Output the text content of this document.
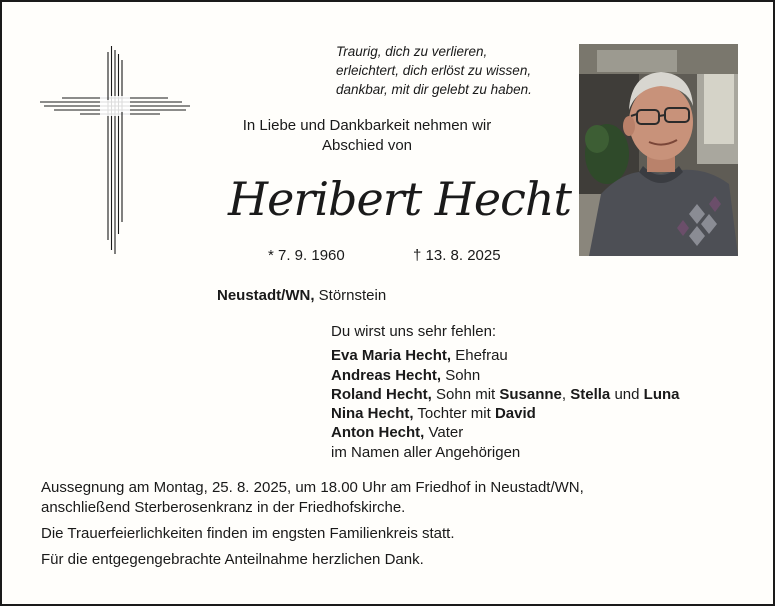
Traurig, dich zu verlieren,
erleichtert, dich erlöst zu wissen,
dankbar, mit dir gelebt zu haben.
In Liebe und Dankbarkeit nehmen wir
Abschied von
Heribert Hecht
* 7. 9. 1960	† 13. 8. 2025
Neustadt/WN, Störnstein
Du wirst uns sehr fehlen:
Eva Maria Hecht, Ehefrau
Andreas Hecht, Sohn
Roland Hecht, Sohn mit Susanne, Stella und Luna
Nina Hecht, Tochter mit David
Anton Hecht, Vater
im Namen aller Angehörigen
Aussegnung am Montag, 25. 8. 2025, um 18.00 Uhr am Friedhof in Neustadt/WN,
anschließend Sterberosenkranz in der Friedhofskirche.
Die Trauerfeierlichkeiten finden im engsten Familienkreis statt.
Für die entgegengebrachte Anteilnahme herzlichen Dank.
